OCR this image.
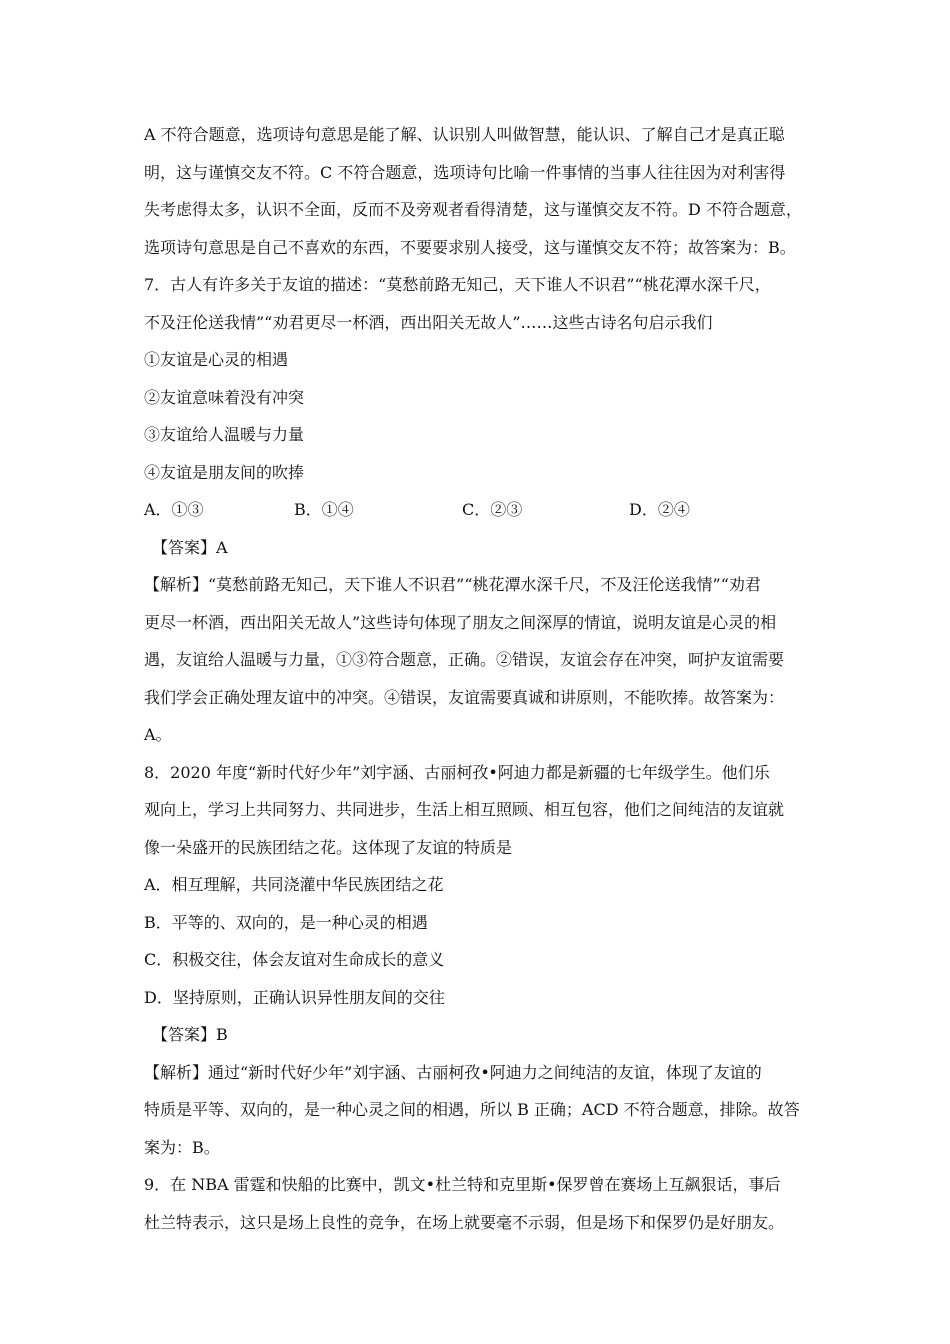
A 不符合题意，选项诗句意思是能了解、认识别人叫做智慧，能认识、了解自己才是真正聪
明，这与谨慎交友不符。C 不符合题意，选项诗句比喻一件事情的当事人往往因为对利害得
失考虑得太多，认识不全面，反而不及旁观者看得清楚，这与谨慎交友不符。D 不符合题意，
选项诗句意思是自己不喜欢的东西，不要要求别人接受，这与谨慎交友不符；故答案为：B。
7．古人有许多关于友谊的描述：“莫愁前路无知己，天下谁人不识君”“桃花潭水深千尺，
不及汪伦送我情”“劝君更尽一杯酒，西出阳关无故人”……这些古诗名句启示我们
①友谊是心灵的相遇
②友谊意味着没有冲突
③友谊给人温暖与力量
④友谊是朋友间的吹捧
A．①③	B．①④	C．②③	D．②④
【答案】A
【解析】“莫愁前路无知己，天下谁人不识君”“桃花潭水深千尺，不及汪伦送我情”“劝君
更尽一杯酒，西出阳关无故人”这些诗句体现了朋友之间深厚的情谊，说明友谊是心灵的相
遇，友谊给人温暖与力量，①③符合题意，正确。②错误，友谊会存在冲突，呵护友谊需要
我们学会正确处理友谊中的冲突。④错误，友谊需要真诚和讲原则，不能吹捧。故答案为：
A。
8．2020 年度“新时代好少年”刘宇涵、古丽柯孜•阿迪力都是新疆的七年级学生。他们乐
观向上，学习上共同努力、共同进步，生活上相互照顾、相互包容，他们之间纯洁的友谊就
像一朵盛开的民族团结之花。这体现了友谊的特质是
A．相互理解，共同浇灌中华民族团结之花
B．平等的、双向的，是一种心灵的相遇
C．积极交往，体会友谊对生命成长的意义
D．坚持原则，正确认识异性朋友间的交往
【答案】B
【解析】通过“新时代好少年”刘宇涵、古丽柯孜•阿迪力之间纯洁的友谊，体现了友谊的
特质是平等、双向的，是一种心灵之间的相遇，所以 B 正确；ACD 不符合题意，排除。故答
案为：B。
9．在 NBA 雷霆和快船的比赛中，凯文•杜兰特和克里斯•保罗曾在赛场上互飙狠话，事后
杜兰特表示，这只是场上良性的竞争，在场上就要毫不示弱，但是场下和保罗仍是好朋友。
